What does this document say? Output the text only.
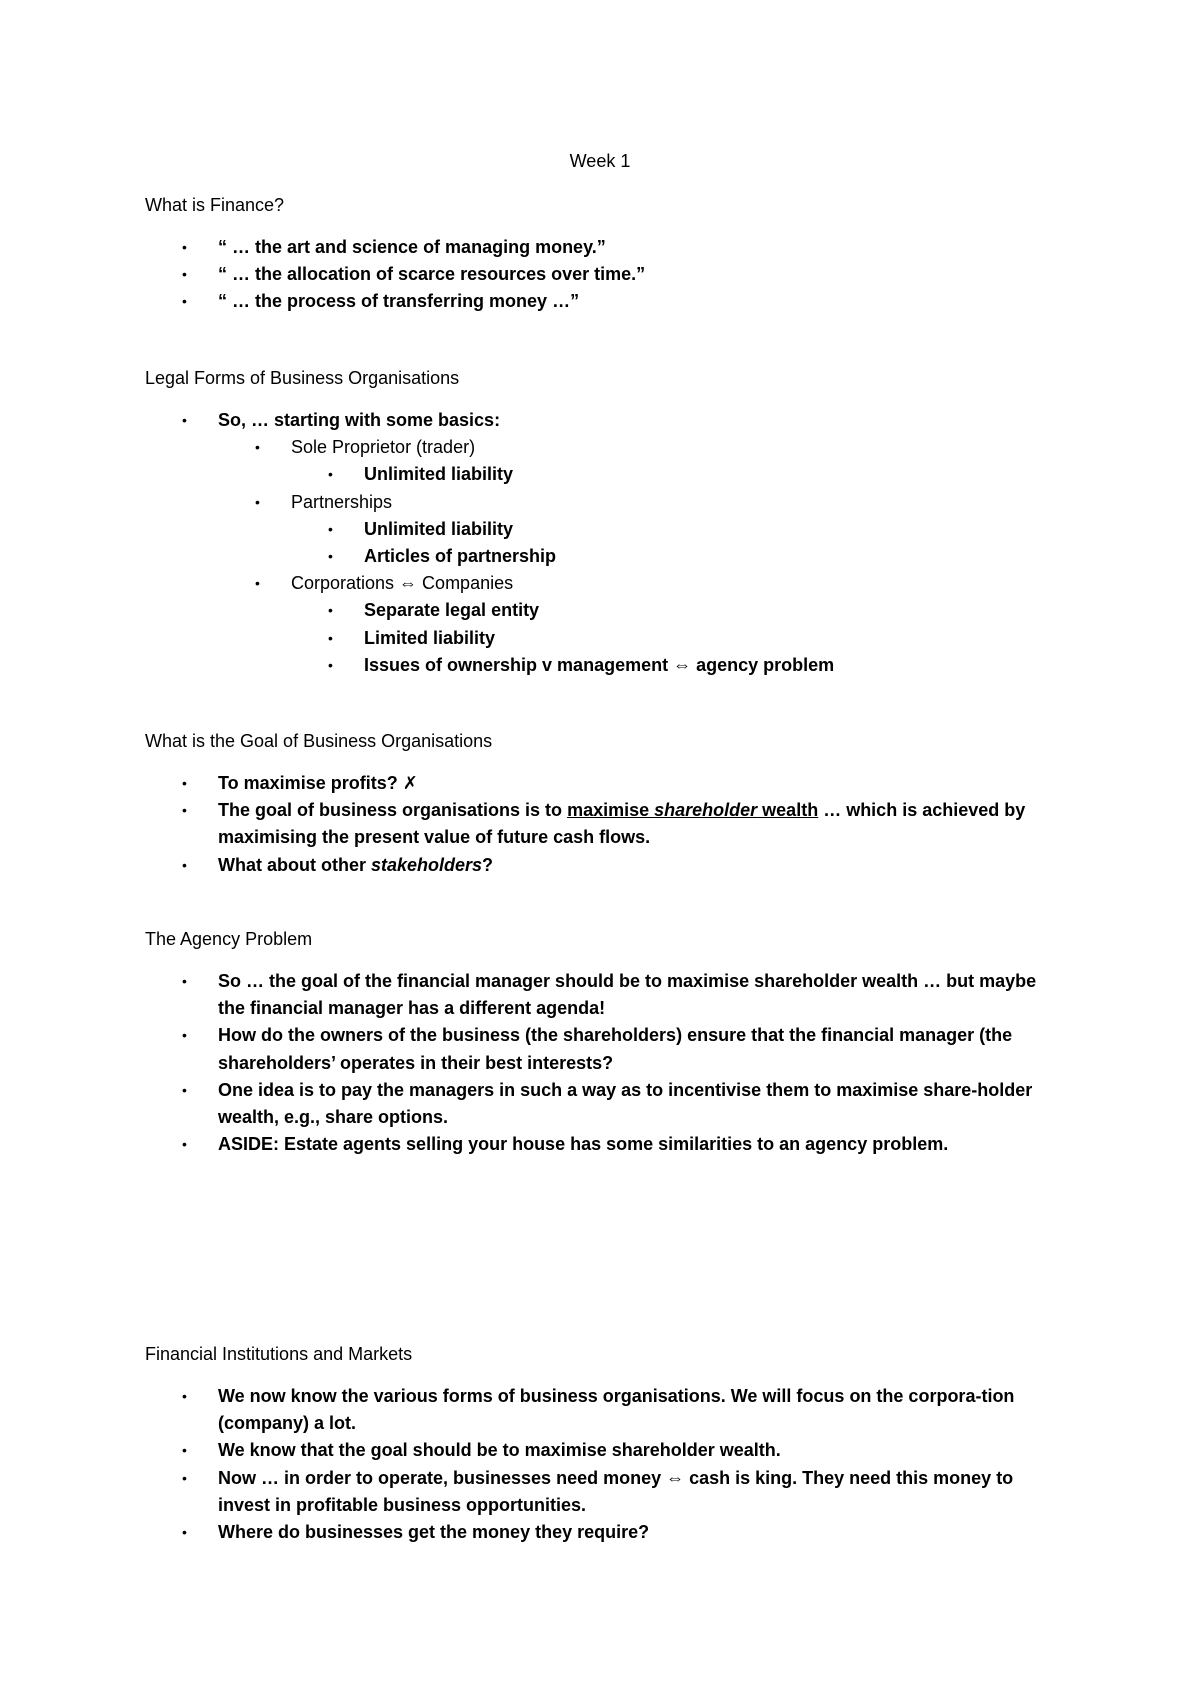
Week 1
What is Finance?
• “ … the art and science of managing money.”
• “ … the allocation of scarce resources over time.”
• “ … the process of transferring money …”
Legal Forms of Business Organisations
• So, … starting with some basics:
• Sole Proprietor (trader)
• Unlimited liability
• Partnerships
• Unlimited liability
• Articles of partnership
• Corporations ⇔ Companies
• Separate legal entity
• Limited liability
• Issues of ownership v management ⇔ agency problem
What is the Goal of Business Organisations
• To maximise profits? ✗
• The goal of business organisations is to maximise shareholder wealth … which is achieved by maximising the present value of future cash flows.
• What about other stakeholders?
The Agency Problem
• So … the goal of the financial manager should be to maximise shareholder wealth … but maybe the financial manager has a different agenda!
• How do the owners of the business (the shareholders) ensure that the financial manager (the shareholders’ operates in their best interests?
• One idea is to pay the managers in such a way as to incentivise them to maximise share-holder wealth, e.g., share options.
• ASIDE: Estate agents selling your house has some similarities to an agency problem.
Financial Institutions and Markets
• We now know the various forms of business organisations. We will focus on the corpora-tion (company) a lot.
• We know that the goal should be to maximise shareholder wealth.
• Now … in order to operate, businesses need money ⇔ cash is king. They need this money to invest in profitable business opportunities.
• Where do businesses get the money they require?
